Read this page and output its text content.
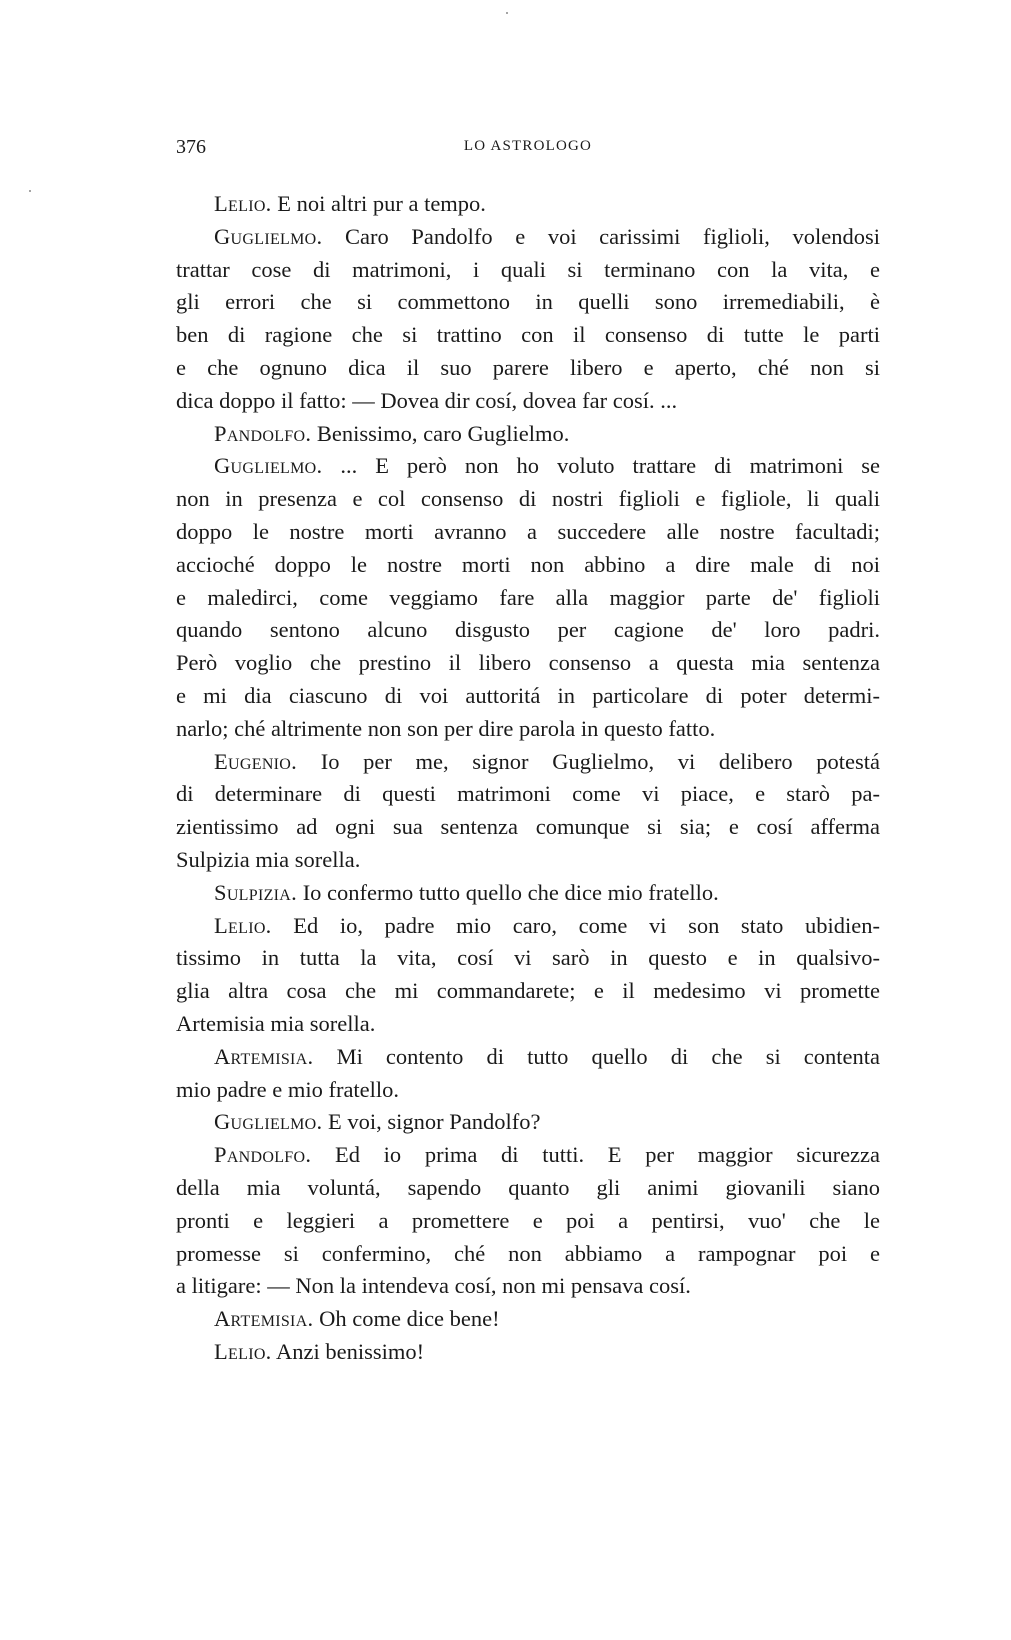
376	LO ASTROLOGO
Lelio. E noi altri pur a tempo.
Guglielmo. Caro Pandolfo e voi carissimi figlioli, volendosi
trattar cose di matrimoni, i quali si terminano con la vita, e
gli errori che si commettono in quelli sono irremediabili, è
ben di ragione che si trattino con il consenso di tutte le parti
e che ognuno dica il suo parere libero e aperto, ché non si
dica doppo il fatto: — Dovea dir cosí, dovea far cosí. ...
Pandolfo. Benissimo, caro Guglielmo.
Guglielmo. ... E però non ho voluto trattare di matrimoni se
non in presenza e col consenso di nostri figlioli e figliole, li quali
doppo le nostre morti avranno a succedere alle nostre facultadi;
acciοché doppo le nostre morti non abbino a dire male di noi
e maledirci, come veggiamo fare alla maggior parte de' figlioli
quando sentono alcuno disgusto per cagione de' loro padri.
Però voglio che prestino il libero consenso a questa mia sentenza
e mi dia ciascuno di voi auttoritá in particolare di poter determi-
narlo; ché altrimente non son per dire parola in questo fatto.
Eugenio. Io per me, signor Guglielmo, vi delibero potestá
di determinare di questi matrimoni come vi piace, e starò pa-
zientissimo ad ogni sua sentenza comunque si sia; e cosí afferma
Sulpizia mia sorella.
Sulpizia. Io confermo tutto quello che dice mio fratello.
Lelio. Ed io, padre mio caro, come vi son stato ubidien-
tissimo in tutta la vita, cosí vi sarò in questo e in qualsivo-
glia altra cosa che mi commandarete; e il medesimo vi promette
Artemisia mia sorella.
Artemisia. Mi contento di tutto quello di che si contenta
mio padre e mio fratello.
Guglielmo. E voi, signor Pandolfo?
Pandolfo. Ed io prima di tutti. E per maggior sicurezza
della mia voluntá, sapendo quanto gli animi giovanili siano
pronti e leggieri a promettere e poi a pentirsi, vuo' che le
promesse si confermino, ché non abbiamo a rampognar poi e
a litigare: — Non la intendeva cosí, non mi pensava cosí.
Artemisia. Oh come dice bene!
Lelio. Anzi benissimo!
